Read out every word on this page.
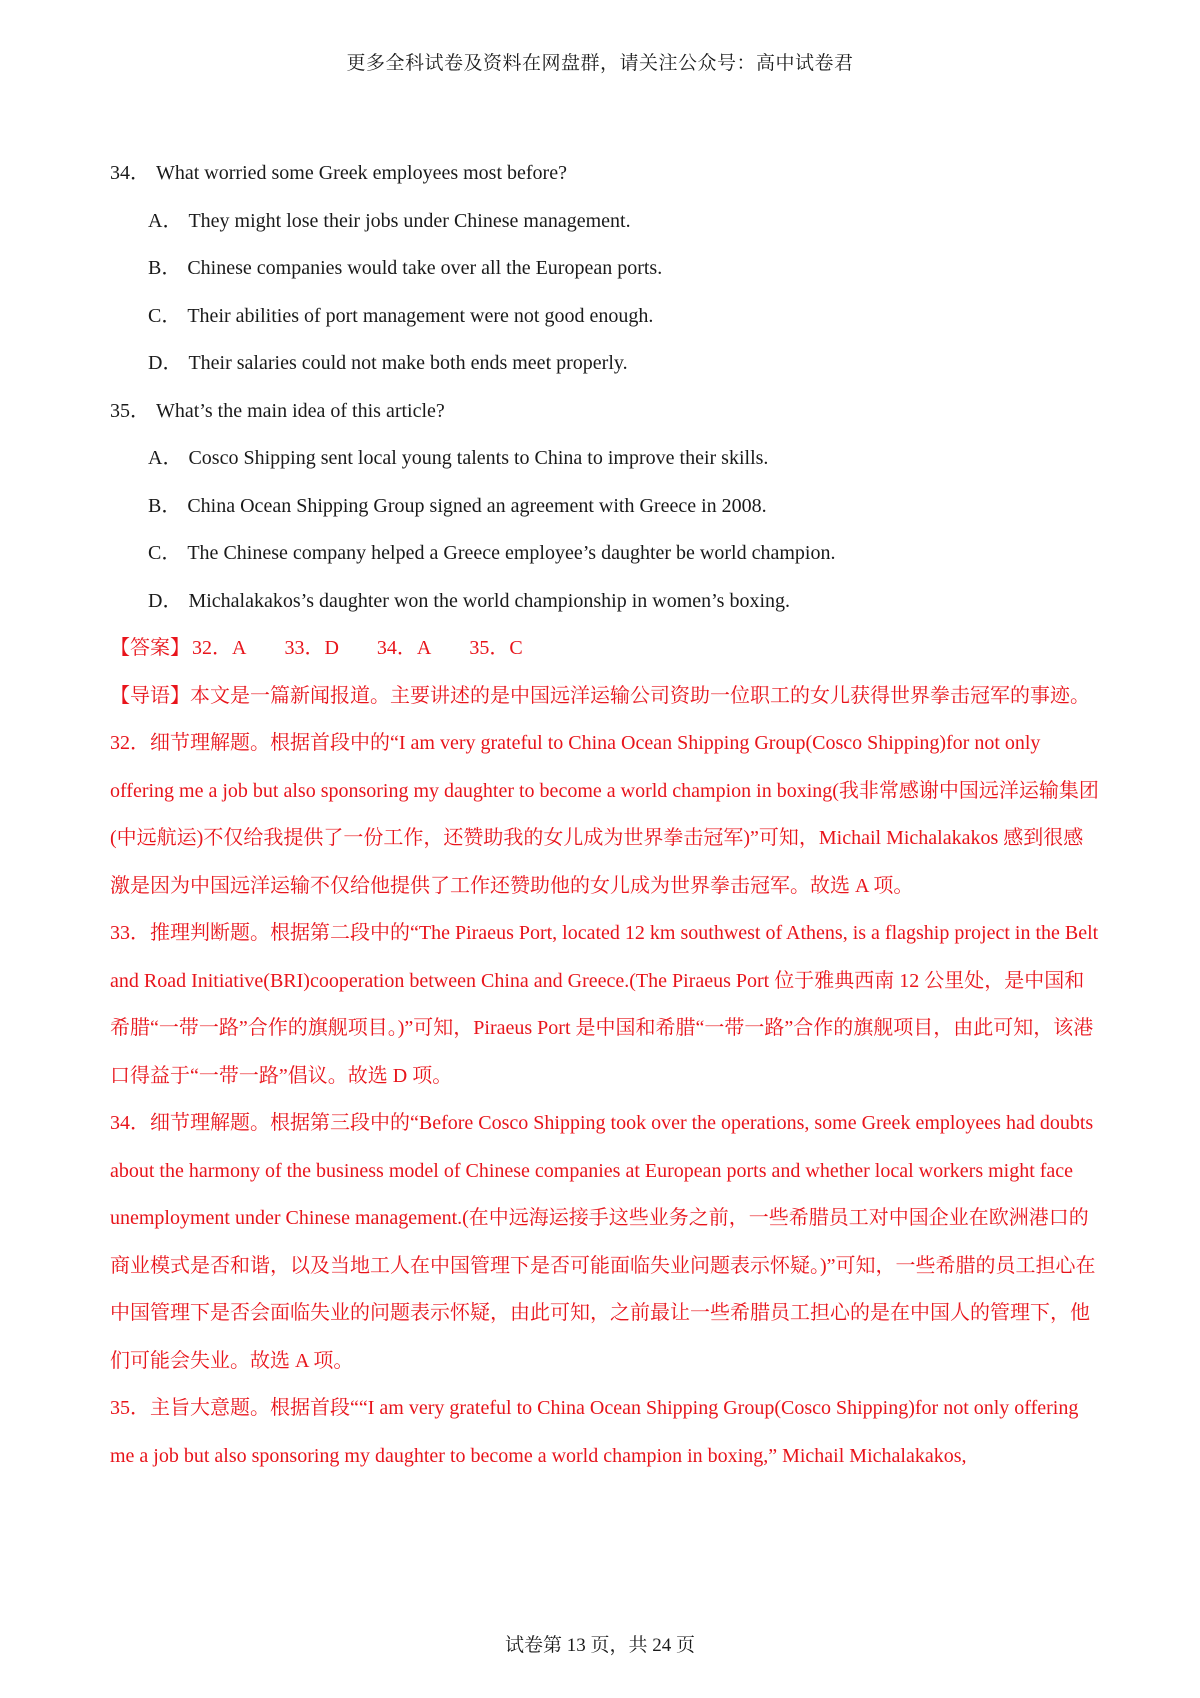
更多全科试卷及资料在网盘群，请关注公众号：高中试卷君
34． What worried some Greek employees most before?
A． They might lose their jobs under Chinese management.
B． Chinese companies would take over all the European ports.
C． Their abilities of port management were not good enough.
D． Their salaries could not make both ends meet properly.
35． What’s the main idea of this article?
A． Cosco Shipping sent local young talents to China to improve their skills.
B． China Ocean Shipping Group signed an agreement with Greece in 2008.
C． The Chinese company helped a Greece employee’s daughter be world champion.
D． Michalakakos’s daughter won the world championship in women’s boxing.
【答案】 32．A 33．D 34．A 35．C
【导语】本文是一篇新闻报道。主要讲述的是中国远洋运输公司资助一位职工的女儿获得世界拳击冠军的事迹。
32．细节理解题。根据首段中的“I am very grateful to China Ocean Shipping Group(Cosco Shipping)for not only offering me a job but also sponsoring my daughter to become a world champion in boxing(我非常感谢中国远洋运输集团(中远航运)不仅给我提供了一份工作，还赞助我的女儿成为世界拳击冠军)”可知，Michail Michalakakos 感到很感激是因为中国远洋运输不仅给他提供了工作还赞助他的女儿成为世界拳击冠军。故选 A 项。
33．推理判断题。根据第二段中的“The Piraeus Port, located 12 km southwest of Athens, is a flagship project in the Belt and Road Initiative(BRI)cooperation between China and Greece.(The Piraeus Port 位于雅典西南 12 公里处，是中国和希腊“一带一路”合作的旗舰项目。)”可知，Piraeus Port 是中国和希腊“一带一路”合作的旗舰项目，由此可知，该港口得益于“一带一路”倡议。故选 D 项。
34．细节理解题。根据第三段中的“Before Cosco Shipping took over the operations, some Greek employees had doubts about the harmony of the business model of Chinese companies at European ports and whether local workers might face unemployment under Chinese management.(在中远海运接手这些业务之前，一些希腊员工对中国企业在欧洲港口的商业模式是否和谐，以及当地工人在中国管理下是否可能面临失业问题表示怀疑。)”可知，一些希腊的员工担心在中国管理下是否会面临失业的问题表示怀疑，由此可知，之前最让一些希腊员工担心的是在中国人的管理下，他们可能会失业。故选 A 项。
35．主旨大意题。根据首段““I am very grateful to China Ocean Shipping Group(Cosco Shipping)for not only offering me a job but also sponsoring my daughter to become a world champion in boxing,” Michail Michalakakos,
试卷第 13 页，共 24 页
